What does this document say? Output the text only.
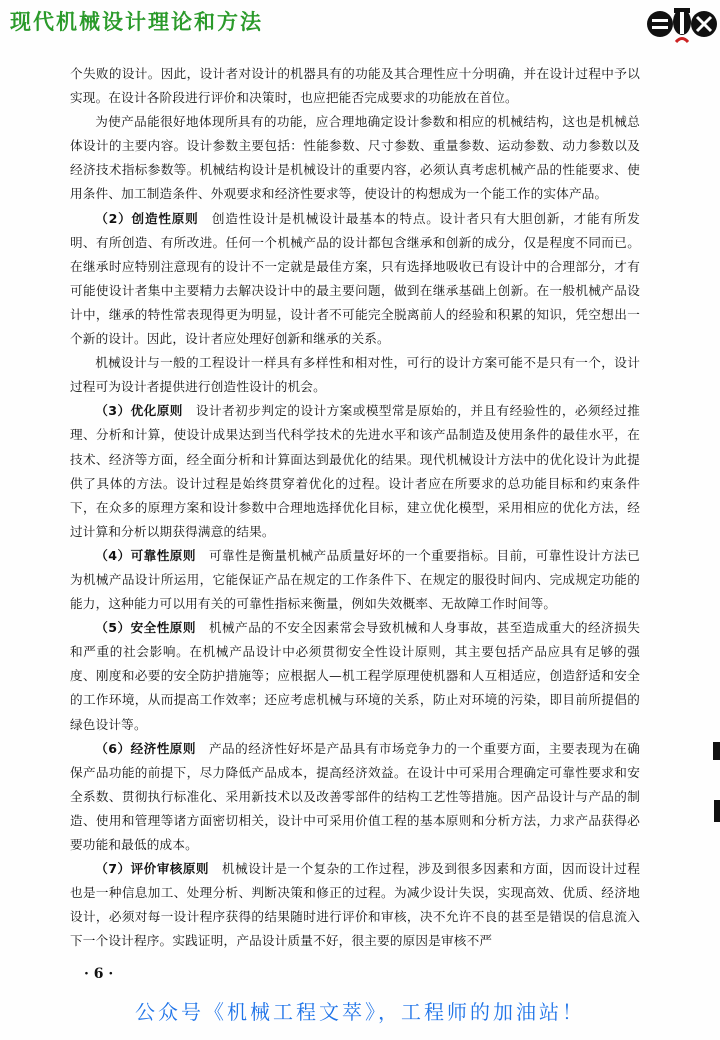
现代机械设计理论和方法

个失败的设计。因此，设计者对设计的机器具有的功能及其合理性应十分明确，并在设计过程中予以实现。在设计各阶段进行评价和决策时，也应把能否完成要求的功能放在首位。

为使产品能很好地体现所具有的功能，应合理地确定设计参数和相应的机械结构，这也是机械总体设计的主要内容。设计参数主要包括：性能参数、尺寸参数、重量参数、运动参数、动力参数以及经济技术指标参数等。机械结构设计是机械设计的重要内容，必须认真考虑机械产品的性能要求、使用条件、加工制造条件、外观要求和经济性要求等，使设计的构想成为一个能工作的实体产品。

（2）创造性原则　创造性设计是机械设计最基本的特点。设计者只有大胆创新，才能有所发明、有所创造、有所改进。任何一个机械产品的设计都包含继承和创新的成分，仅是程度不同而已。在继承时应特别注意现有的设计不一定就是最佳方案，只有选择地吸收已有设计中的合理部分，才有可能使设计者集中主要精力去解决设计中的最主要问题，做到在继承基础上创新。在一般机械产品设计中，继承的特性常表现得更为明显，设计者不可能完全脱离前人的经验和积累的知识，凭空想出一个新的设计。因此，设计者应处理好创新和继承的关系。

机械设计与一般的工程设计一样具有多样性和相对性，可行的设计方案可能不是只有一个，设计过程可为设计者提供进行创造性设计的机会。

（3）优化原则　设计者初步判定的设计方案或模型常是原始的，并且有经验性的，必须经过推理、分析和计算，使设计成果达到当代科学技术的先进水平和该产品制造及使用条件的最佳水平，在技术、经济等方面，经全面分析和计算面达到最优化的结果。现代机械设计方法中的优化设计为此提供了具体的方法。设计过程是始终贯穿着优化的过程。设计者应在所要求的总功能目标和约束条件下，在众多的原理方案和设计参数中合理地选择优化目标，建立优化模型，采用相应的优化方法，经过计算和分析以期获得满意的结果。

（4）可靠性原则　可靠性是衡量机械产品质量好坏的一个重要指标。目前，可靠性设计方法已为机械产品设计所运用，它能保证产品在规定的工作条件下、在规定的服役时间内、完成规定功能的能力，这种能力可以用有关的可靠性指标来衡量，例如失效概率、无故障工作时间等。

（5）安全性原则　机械产品的不安全因素常会导致机械和人身事故，甚至造成重大的经济损失和严重的社会影响。在机械产品设计中必须贯彻安全性设计原则，其主要包括产品应具有足够的强度、刚度和必要的安全防护措施等；应根据人—机工程学原理使机器和人互相适应，创造舒适和安全的工作环境，从而提高工作效率；还应考虑机械与环境的关系，防止对环境的污染，即目前所提倡的绿色设计等。

（6）经济性原则　产品的经济性好坏是产品具有市场竞争力的一个重要方面，主要表现为在确保产品功能的前提下，尽力降低产品成本，提高经济效益。在设计中可采用合理确定可靠性要求和安全系数、贯彻执行标准化、采用新技术以及改善零部件的结构工艺性等措施。因产品设计与产品的制造、使用和管理等诸方面密切相关，设计中可采用价值工程的基本原则和分析方法，力求产品获得必要功能和最低的成本。

（7）评价审核原则　机械设计是一个复杂的工作过程，涉及到很多因素和方面，因而设计过程也是一种信息加工、处理分析、判断决策和修正的过程。为减少设计失误，实现高效、优质、经济地设计，必须对每一设计程序获得的结果随时进行评价和审核，决不允许不良的甚至是错误的信息流入下一个设计程序。实践证明，产品设计质量不好，很主要的原因是审核不严

· 6 ·
公众号《机械工程文萃》，工程师的加油站！
